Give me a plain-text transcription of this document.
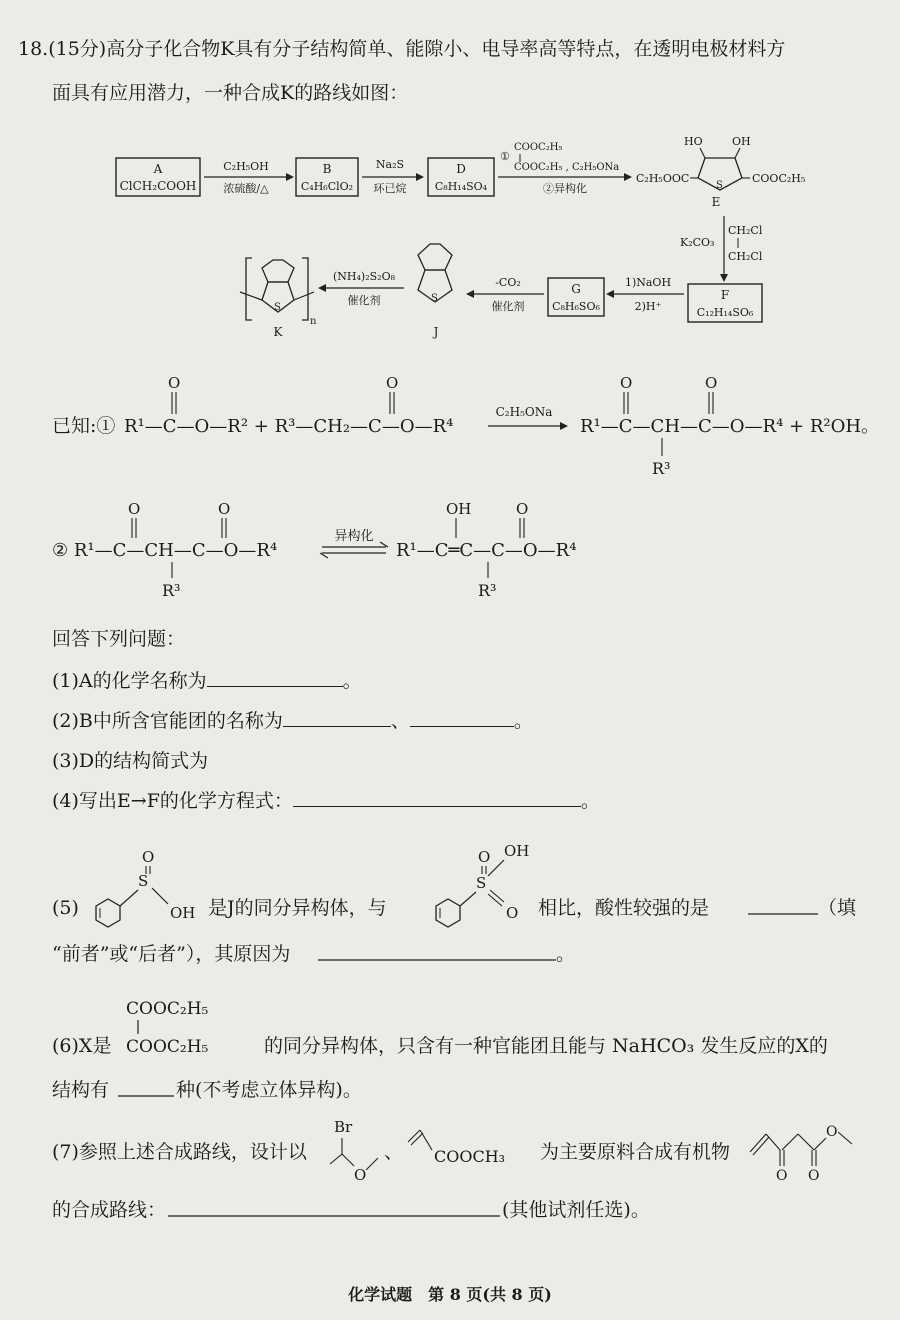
18.(15分)高分子化合物K具有分子结构简单、能隙小、电导率高等特点，在透明电极材料方
面具有应用潜力，一种合成K的路线如图：
A
ClCH₂COOH
C₂H₅OH
浓硫酸/△
B
C₄H₆ClO₂
Na₂S
环已烷
D
C₈H₁₄SO₄
①
COOC₂H₅
COOC₂H₅ , C₂H₅ONa
②异构化
HO	OH
C₂H₅OOC	COOC₂H₅
S
E
K₂CO₃
CH₂Cl
CH₂Cl
F
C₁₂H₁₄SO₆
1)NaOH
2)H⁺
G
C₈H₆SO₆
-CO₂
催化剂
S
J
(NH₄)₂S₂O₈
催化剂
S
n
K
已知:① R¹—C—O—R² + R³—CH₂—C—O—R⁴
O	O
C₂H₅ONa
R¹—C—CH—C—O—R⁴ + R²OH。
O	O
R³
② R¹—C—CH—C—O—R⁴
O	O
R³
异构化
R¹—C═C—C—O—R⁴
OH	O
R³
回答下列问题：
(1)A的化学名称为	。
(2)B中所含官能团的名称为	、	。
(3)D的结构简式为
(4)写出E→F的化学方程式：	。
(5)
S
O
OH 是J的同分异构体，与
S
OH
O
O 相比，酸性较强的是	（填
“前者”或“后者”），其原因为	。
COOC₂H₅
(6)X是 COOC₂H₅	的同分异构体，只含有一种官能团且能与 NaHCO₃ 发生反应的X的
结构有	种(不考虑立体异构)。
(7)参照上述合成路线，设计以
Br
O
、 COOCH₃ 为主要原料合成有机物
O O
O
的合成路线：	(其他试剂任选)。
化学试题　第 8 页(共 8 页)
